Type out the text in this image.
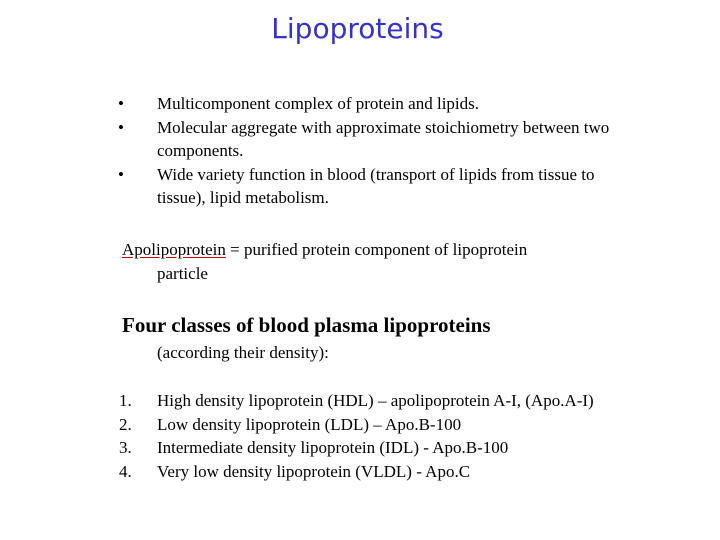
Lipoproteins
• Multicomponent complex of protein and lipids.
• Molecular aggregate with approximate stoichiometry between two components.
• Wide variety function in blood (transport of lipids from tissue to tissue), lipid metabolism.
Apolipoprotein = purified protein component of lipoprotein
particle
Four classes of blood plasma lipoproteins
(according their density):
1. High density lipoprotein (HDL) – apolipoprotein A-I, (Apo.A-I)
2. Low density lipoprotein (LDL) – Apo.B-100
3. Intermediate density lipoprotein (IDL) - Apo.B-100
4. Very low density lipoprotein (VLDL) - Apo.C
